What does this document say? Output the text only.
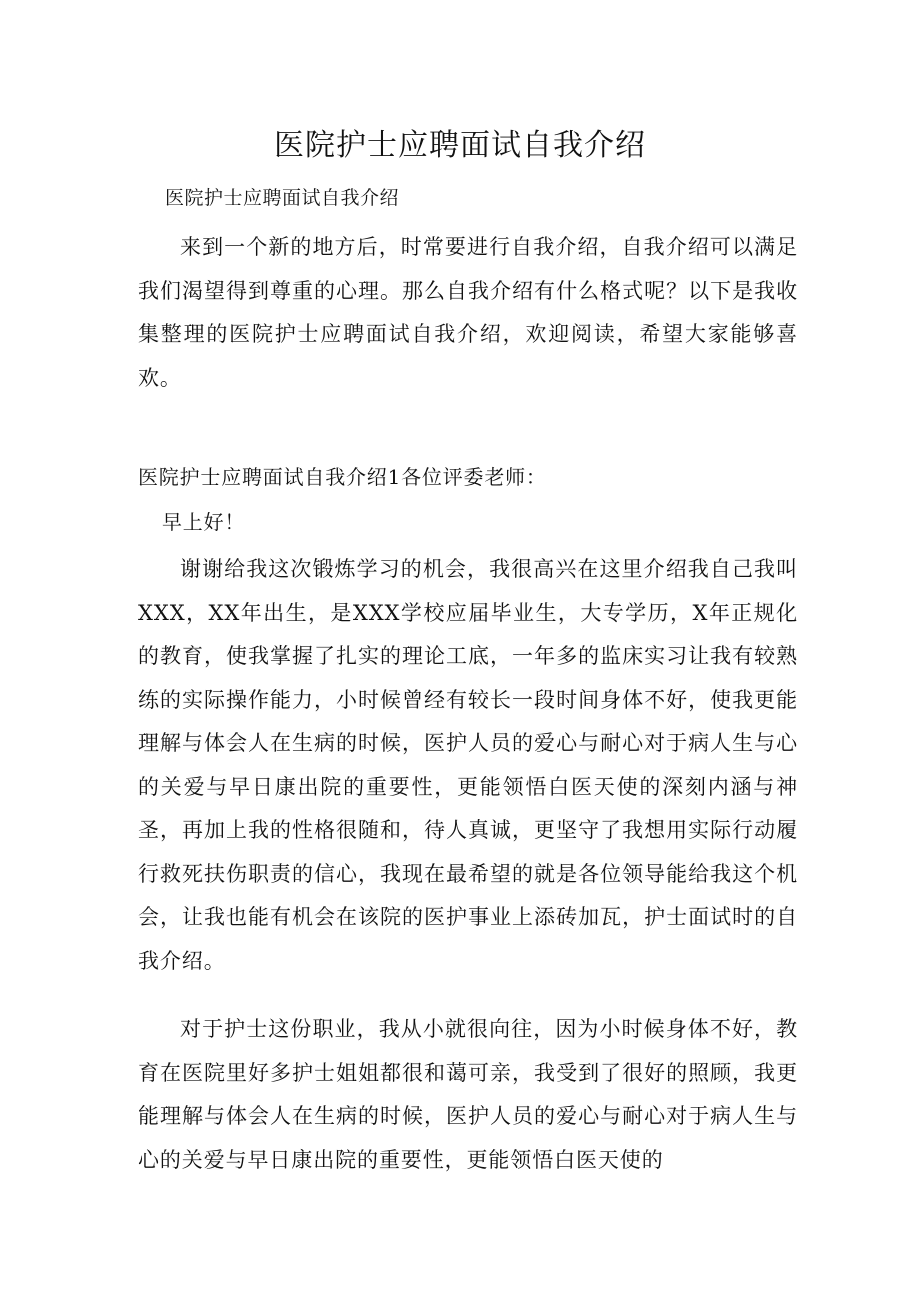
医院护士应聘面试自我介绍
医院护士应聘面试自我介绍

来到一个新的地方后，时常要进行自我介绍，自我介绍可以满足我们渴望得到尊重的心理。那么自我介绍有什么格式呢？以下是我收集整理的医院护士应聘面试自我介绍，欢迎阅读，希望大家能够喜欢。

医院护士应聘面试自我介绍1各位评委老师：

早上好！

谢谢给我这次锻炼学习的机会，我很高兴在这里介绍我自己我叫XXX，XX年出生，是XXX学校应届毕业生，大专学历，X年正规化的教育，使我掌握了扎实的理论工底，一年多的监床实习让我有较熟练的实际操作能力，小时候曾经有较长一段时间身体不好，使我更能理解与体会人在生病的时候，医护人员的爱心与耐心对于病人生与心的关爱与早日康出院的重要性，更能领悟白医天使的深刻内涵与神圣，再加上我的性格很随和，待人真诚，更坚守了我想用实际行动履行救死扶伤职责的信心，我现在最希望的就是各位领导能给我这个机会，让我也能有机会在该院的医护事业上添砖加瓦，护士面试时的自我介绍。

对于护士这份职业，我从小就很向往，因为小时候身体不好，教育在医院里好多护士姐姐都很和蔼可亲，我受到了很好的照顾，我更能理解与体会人在生病的时候，医护人员的爱心与耐心对于病人生与心的关爱与早日康出院的重要性，更能领悟白医天使的
